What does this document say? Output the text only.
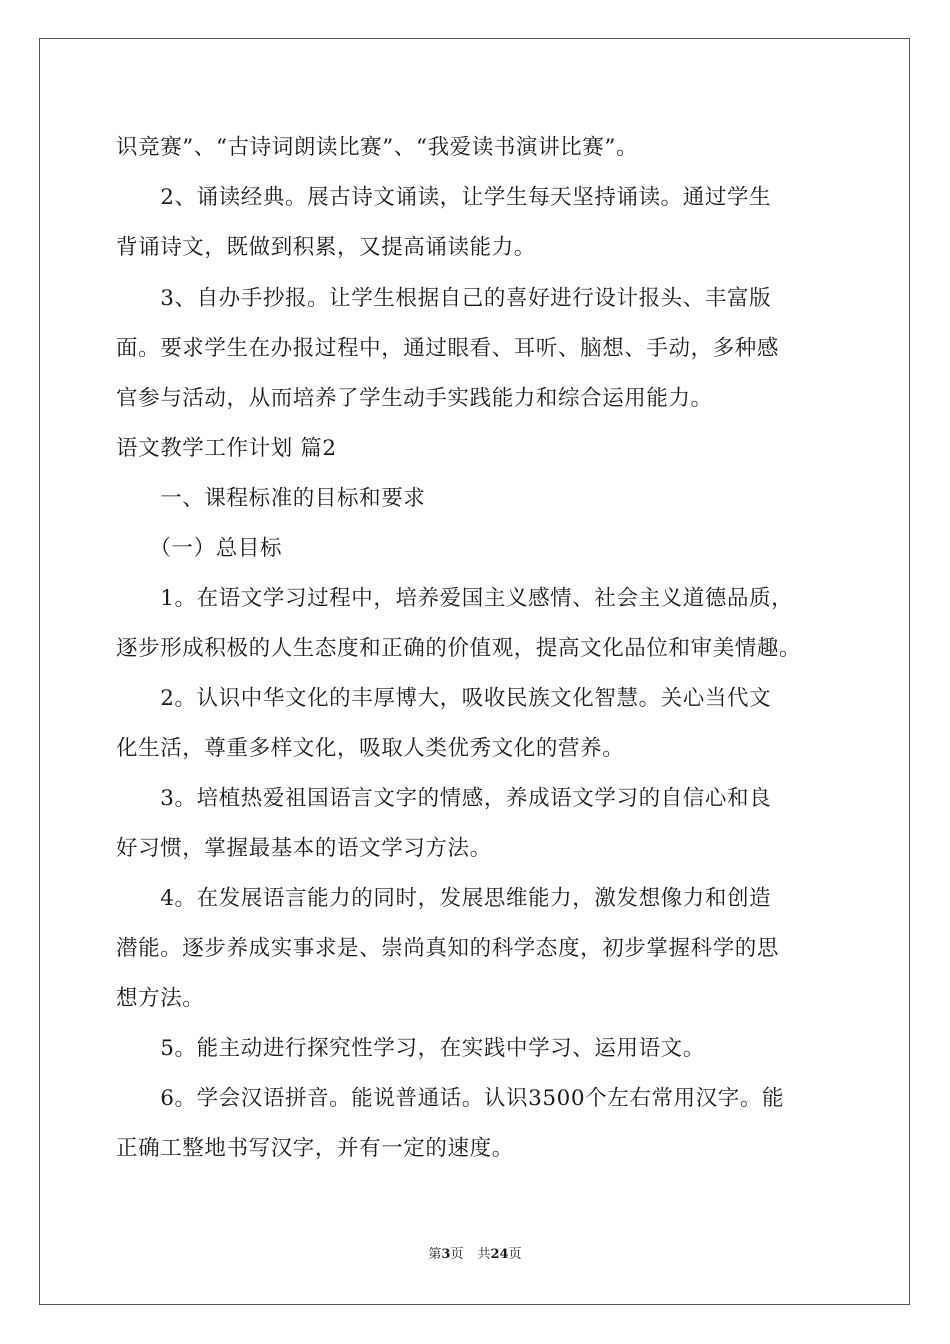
识竞赛”、“古诗词朗读比赛”、“我爱读书演讲比赛”。
　　2、诵读经典。展古诗文诵读，让学生每天坚持诵读。通过学生
背诵诗文，既做到积累，又提高诵读能力。
　　3、自办手抄报。让学生根据自己的喜好进行设计报头、丰富版
面。要求学生在办报过程中，通过眼看、耳听、脑想、手动，多种感
官参与活动，从而培养了学生动手实践能力和综合运用能力。
语文教学工作计划 篇2
　　一、课程标准的目标和要求
　　（一）总目标
　　1。在语文学习过程中，培养爱国主义感情、社会主义道德品质，
逐步形成积极的人生态度和正确的价值观，提高文化品位和审美情趣。
　　2。认识中华文化的丰厚博大，吸收民族文化智慧。关心当代文
化生活，尊重多样文化，吸取人类优秀文化的营养。
　　3。培植热爱祖国语言文字的情感，养成语文学习的自信心和良
好习惯，掌握最基本的语文学习方法。
　　4。在发展语言能力的同时，发展思维能力，激发想像力和创造
潜能。逐步养成实事求是、崇尚真知的科学态度，初步掌握科学的思
想方法。
　　5。能主动进行探究性学习，在实践中学习、运用语文。
　　6。学会汉语拼音。能说普通话。认识3500个左右常用汉字。能
正确工整地书写汉字，并有一定的速度。
第3页 共24页
